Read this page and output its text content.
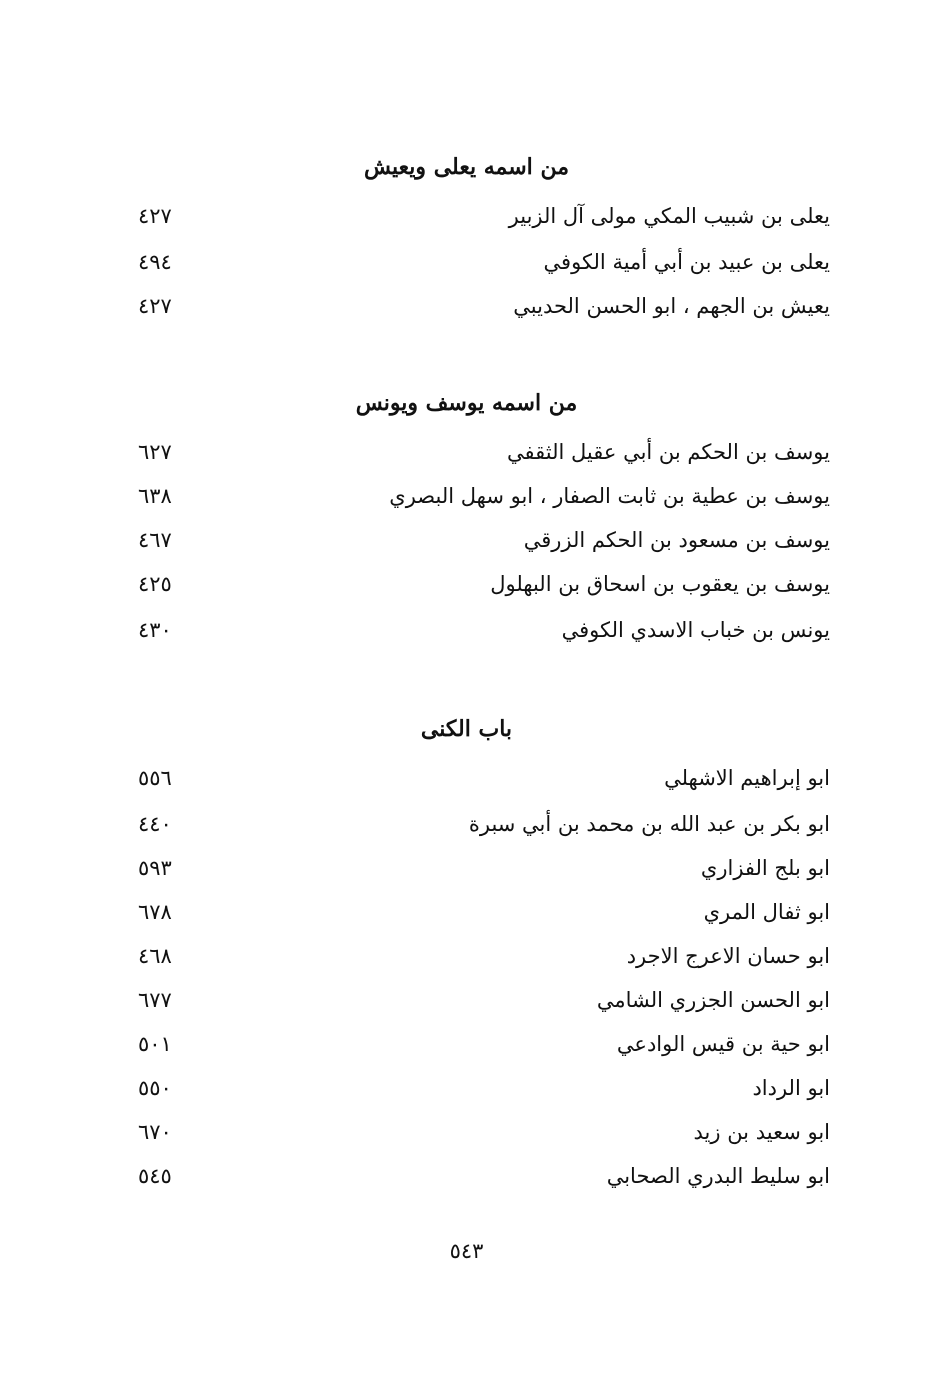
من اسمه يعلى ويعيش
يعلى بن شبيب المكي مولى آل الزبير
٤٢٧
يعلى بن عبيد بن أبي أمية الكوفي
٤٩٤
يعيش بن الجهم ، ابو الحسن الحديبي
٤٢٧
من اسمه يوسف ويونس
يوسف بن الحكم بن أبي عقيل الثقفي
٦٢٧
يوسف بن عطية بن ثابت الصفار ، ابو سهل البصري
٦٣٨
يوسف بن مسعود بن الحكم الزرقي
٤٦٧
يوسف بن يعقوب بن اسحاق بن البهلول
٤٢٥
يونس بن خباب الاسدي الكوفي
٤٣٠
باب الكنى
ابو إبراهيم الاشهلي
٥٥٦
ابو بكر بن عبد الله بن محمد بن أبي سبرة
٤٤٠
ابو بلج الفزاري
٥٩٣
ابو ثفال المري
٦٧٨
ابو حسان الاعرج الاجرد
٤٦٨
ابو الحسن الجزري الشامي
٦٧٧
ابو حية بن قيس الوادعي
٥٠١
ابو الرداد
٥٥٠
ابو سعيد بن زيد
٦٧٠
ابو سليط البدري الصحابي
٥٤٥
٥٤٣
